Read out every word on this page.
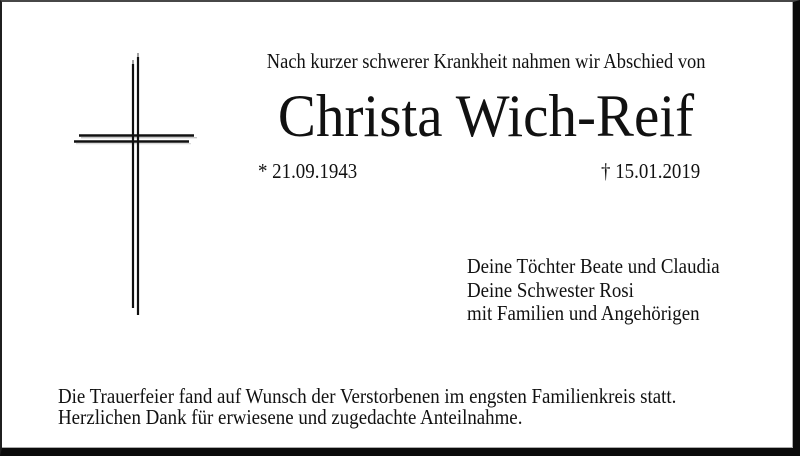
Nach kurzer schwerer Krankheit nahmen wir Abschied von
Christa Wich-Reif
* 21.09.1943	† 15.01.2019
Deine Töchter Beate und Claudia
Deine Schwester Rosi
mit Familien und Angehörigen
Die Trauerfeier fand auf Wunsch der Verstorbenen im engsten Familienkreis statt.
Herzlichen Dank für erwiesene und zugedachte Anteilnahme.
